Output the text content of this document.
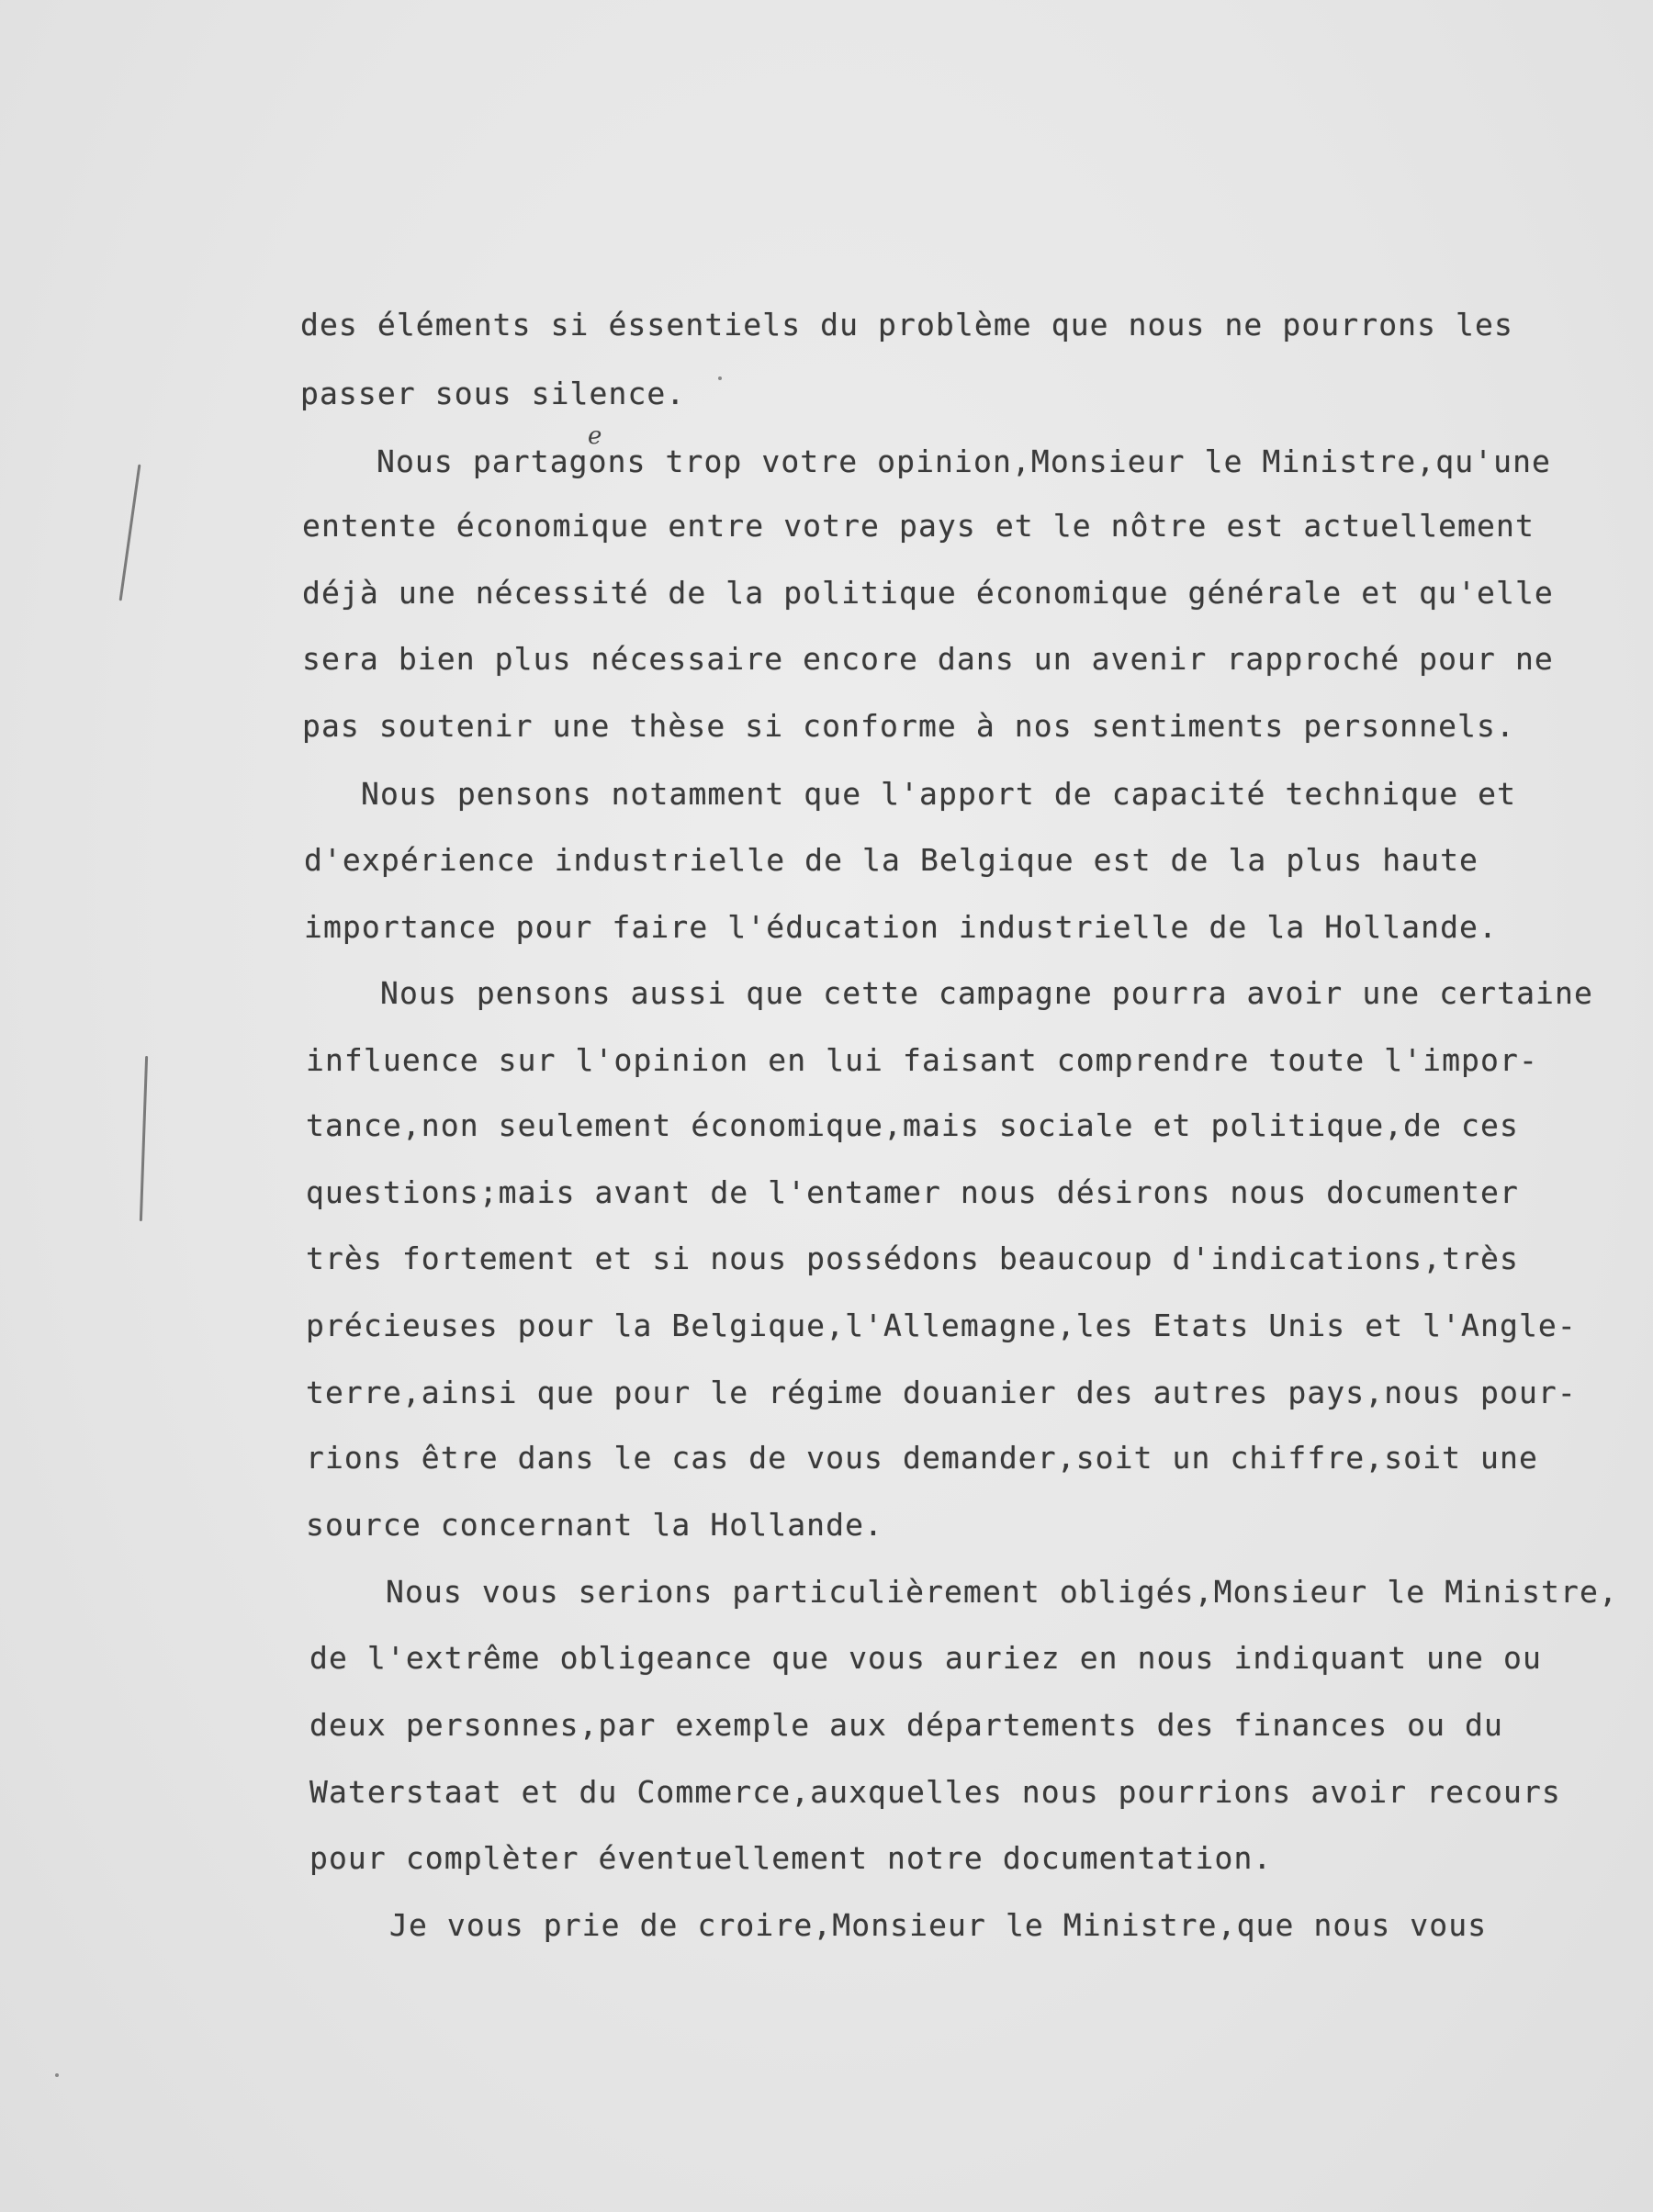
e
des éléments si éssentiels du problème que nous ne pourrons les
passer sous silence.
Nous partagons trop votre opinion,Monsieur le Ministre,qu'une
entente économique entre votre pays et le nôtre est actuellement
déjà une nécessité de la politique économique générale et qu'elle
sera bien plus nécessaire encore dans un avenir rapproché pour ne
pas soutenir une thèse si conforme à nos sentiments personnels.
Nous pensons notamment que l'apport de capacité technique et
d'expérience industrielle de la Belgique est de la plus haute
importance pour faire l'éducation industrielle de la Hollande.
Nous pensons aussi que cette campagne pourra avoir une certaine
influence sur l'opinion en lui faisant comprendre toute l'impor-
tance,non seulement économique,mais sociale et politique,de ces
questions;mais avant de l'entamer nous désirons nous documenter
très fortement et si nous possédons beaucoup d'indications,très
précieuses pour la Belgique,l'Allemagne,les Etats Unis et l'Angle-
terre,ainsi que pour le régime douanier des autres pays,nous pour-
rions être dans le cas de vous demander,soit un chiffre,soit une
source concernant la Hollande.
Nous vous serions particulièrement obligés,Monsieur le Ministre,
de l'extrême obligeance que vous auriez en nous indiquant une ou
deux personnes,par exemple aux départements des finances ou du
Waterstaat et du Commerce,auxquelles nous pourrions avoir recours
pour complèter éventuellement notre documentation.
Je vous prie de croire,Monsieur le Ministre,que nous vous
